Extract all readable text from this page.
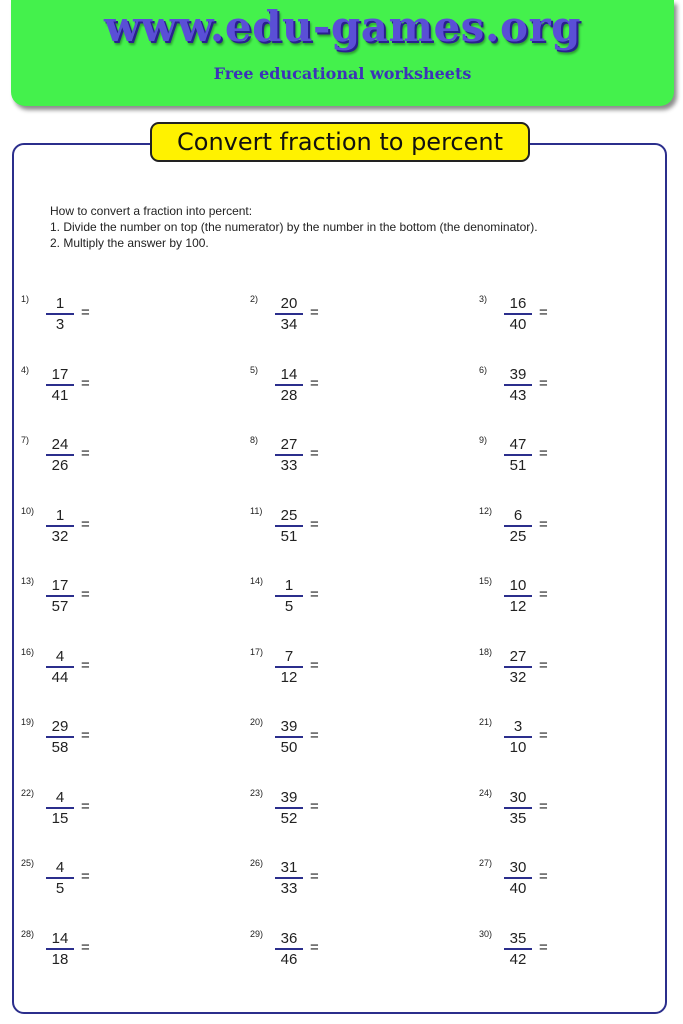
www.edu-games.org
Free educational worksheets
Convert fraction to percent
How to convert a fraction into percent:
1. Divide the number on top (the numerator) by the number in the bottom (the denominator).
2. Multiply the answer by 100.
1)	1
3
=
2)	20
34
=
3)	16
40
=
4)	17
41
=
5)	14
28
=
6)	39
43
=
7)	24
26
=
8)	27
33
=
9)	47
51
=
10)	1
32
=
11)	25
51
=
12)	6
25
=
13)	17
57
=
14)	1
5
=
15)	10
12
=
16)	4
44
=
17)	7
12
=
18)	27
32
=
19)	29
58
=
20)	39
50
=
21)	3
10
=
22)	4
15
=
23)	39
52
=
24)	30
35
=
25)	4
5
=
26)	31
33
=
27)	30
40
=
28)	14
18
=
29)	36
46
=
30)	35
42
=
